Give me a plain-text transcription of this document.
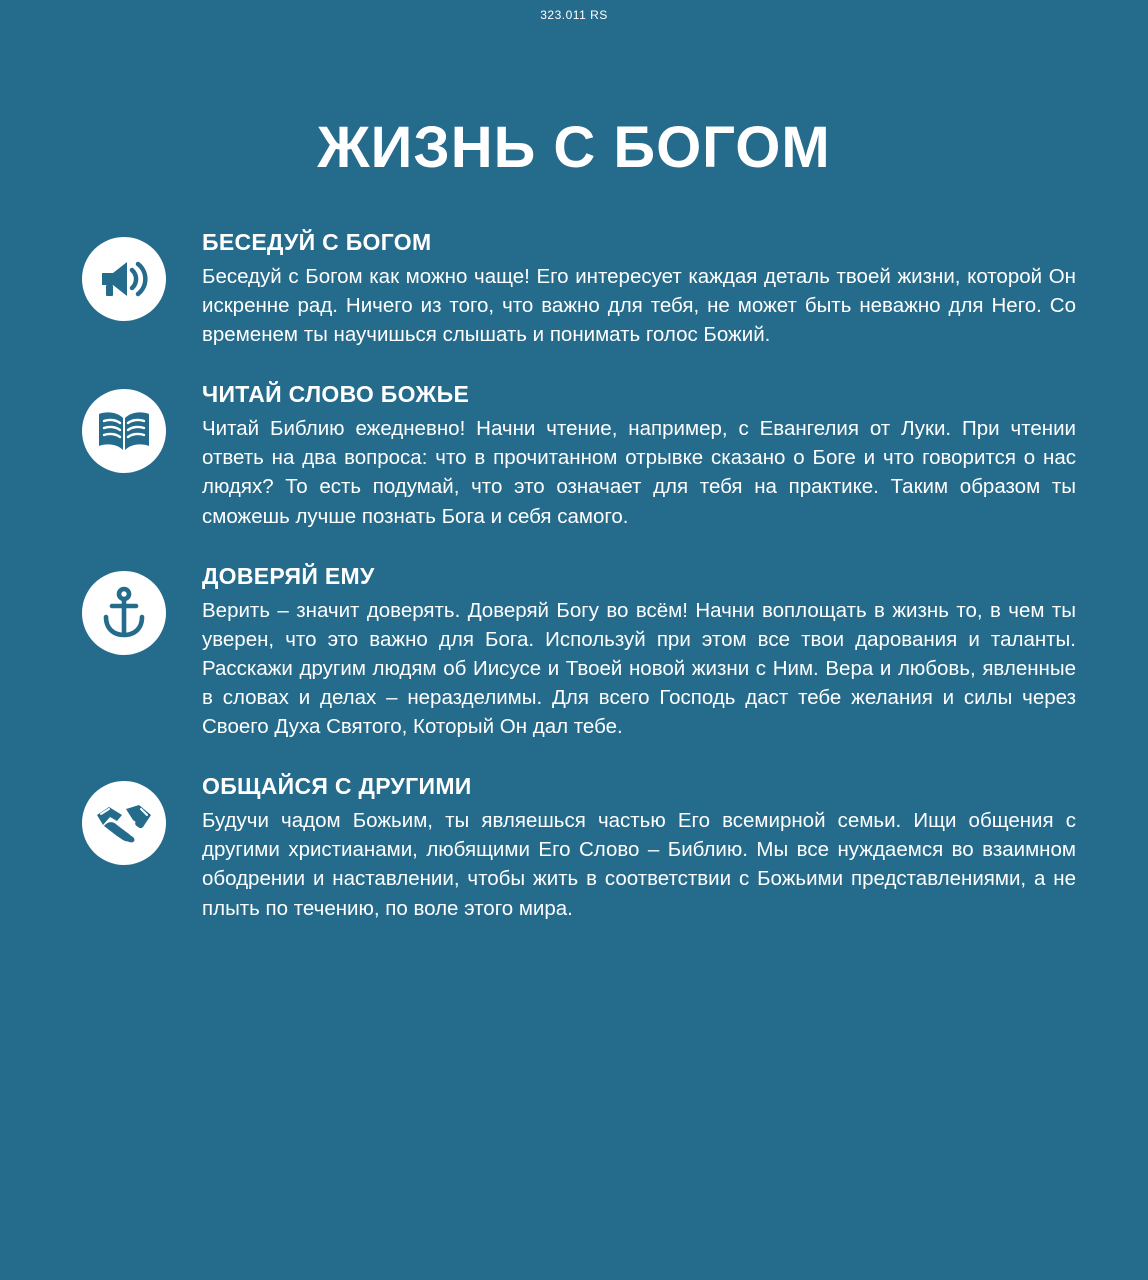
323.011 RS
ЖИЗНЬ С БОГОМ
БЕСЕДУЙ С БОГОМ

Беседуй с Богом как можно чаще! Его интересует каждая деталь твоей жизни, которой Он искренне рад. Ничего из того, что важно для тебя, не может быть неважно для Него. Со временем ты научишься слышать и понимать голос Божий.

ЧИТАЙ СЛОВО БОЖЬЕ

Читай Библию ежедневно! Начни чтение, например, с Евангелия от Луки. При чтении ответь на два вопроса: что в прочитанном отрывке сказано о Боге и что говорится о нас людях? То есть подумай, что это означает для тебя на практике. Таким образом ты сможешь лучше познать Бога и себя самого.

ДОВЕРЯЙ ЕМУ

Верить – значит доверять. Доверяй Богу во всём! Начни воплощать в жизнь то, в чем ты уверен, что это важно для Бога. Используй при этом все твои дарования и таланты. Расскажи другим людям об Иисусе и Твоей новой жизни с Ним. Вера и любовь, явленные в словах и делах – неразделимы. Для всего Господь даст тебе желания и силы через Своего Духа Святого, Который Он дал тебе.

ОБЩАЙСЯ С ДРУГИМИ

Будучи чадом Божьим, ты являешься частью Его всемирной семьи. Ищи общения с другими христианами, любящими Его Слово – Библию. Мы все нуждаемся во взаимном ободрении и наставлении, чтобы жить в соответствии с Божьими представлениями, а не плыть по течению, по воле этого мира.
